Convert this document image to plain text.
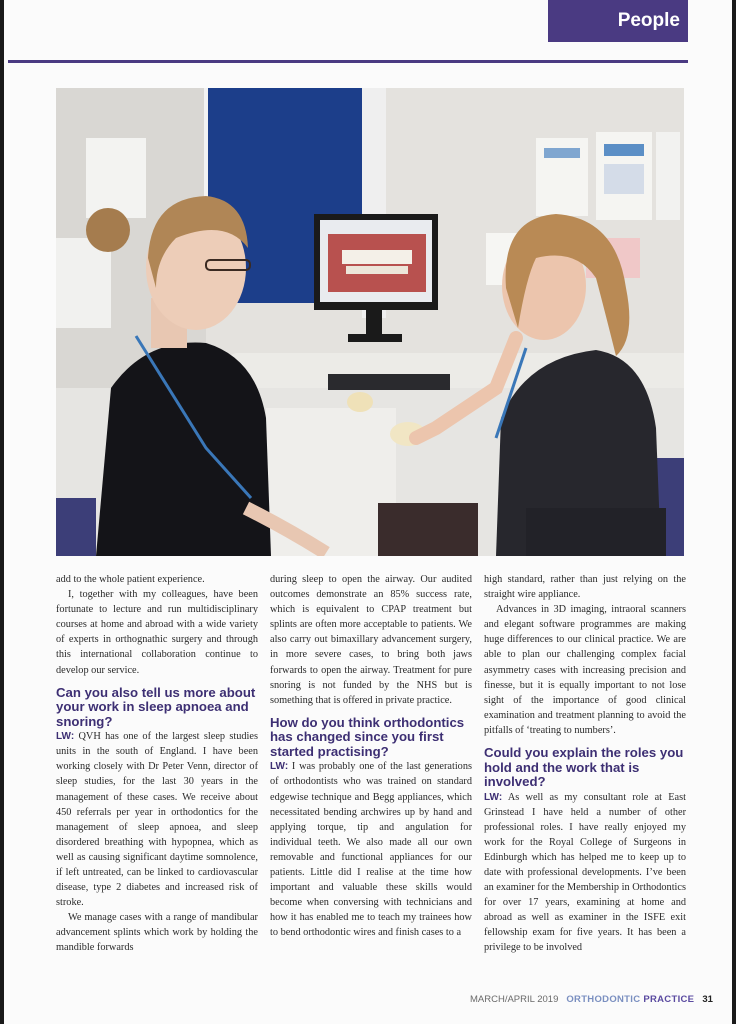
People

add to the whole patient experience.

I, together with my colleagues, have been fortunate to lecture and run multidisciplinary courses at home and abroad with a wide variety of experts in orthognathic surgery and through this international collaboration continue to develop our service.

Can you also tell us more about your work in sleep apnoea and snoring?

LW: QVH has one of the largest sleep studies units in the south of England. I have been working closely with Dr Peter Venn, director of sleep studies, for the last 30 years in the management of these cases. We receive about 450 referrals per year in orthodontics for the management of sleep apnoea, and sleep disordered breathing with hypopnea, which as well as causing significant daytime somnolence, if left untreated, can be linked to cardiovascular disease, type 2 diabetes and increased risk of stroke.

We manage cases with a range of mandibular advancement splints which work by holding the mandible forwards

during sleep to open the airway. Our audited outcomes demonstrate an 85% success rate, which is equivalent to CPAP treatment but splints are often more acceptable to patients. We also carry out bimaxillary advancement surgery, in more severe cases, to bring both jaws forwards to open the airway. Treatment for pure snoring is not funded by the NHS but is something that is offered in private practice.

How do you think orthodontics has changed since you first started practising?

LW: I was probably one of the last generations of orthodontists who was trained on standard edgewise technique and Begg appliances, which necessitated bending archwires up by hand and applying torque, tip and angulation for individual teeth. We also made all our own removable and functional appliances for our patients. Little did I realise at the time how important and valuable these skills would become when conversing with technicians and how it has enabled me to teach my trainees how to bend orthodontic wires and finish cases to a

high standard, rather than just relying on the straight wire appliance.

Advances in 3D imaging, intraoral scanners and elegant software programmes are making huge differences to our clinical practice. We are able to plan our challenging complex facial asymmetry cases with increasing precision and finesse, but it is equally important to not lose sight of the importance of good clinical examination and treatment planning to avoid the pitfalls of ‘treating to numbers’.

Could you explain the roles you hold and the work that is involved?

LW: As well as my consultant role at East Grinstead I have held a number of other professional roles. I have really enjoyed my work for the Royal College of Surgeons in Edinburgh which has helped me to keep up to date with professional developments. I’ve been an examiner for the Membership in Orthodontics for over 17 years, examining at home and abroad as well as examiner in the ISFE exit fellowship exam for five years. It has been a privilege to be involved

MARCH/APRIL 2019 ORTHODONTIC PRACTICE 31
